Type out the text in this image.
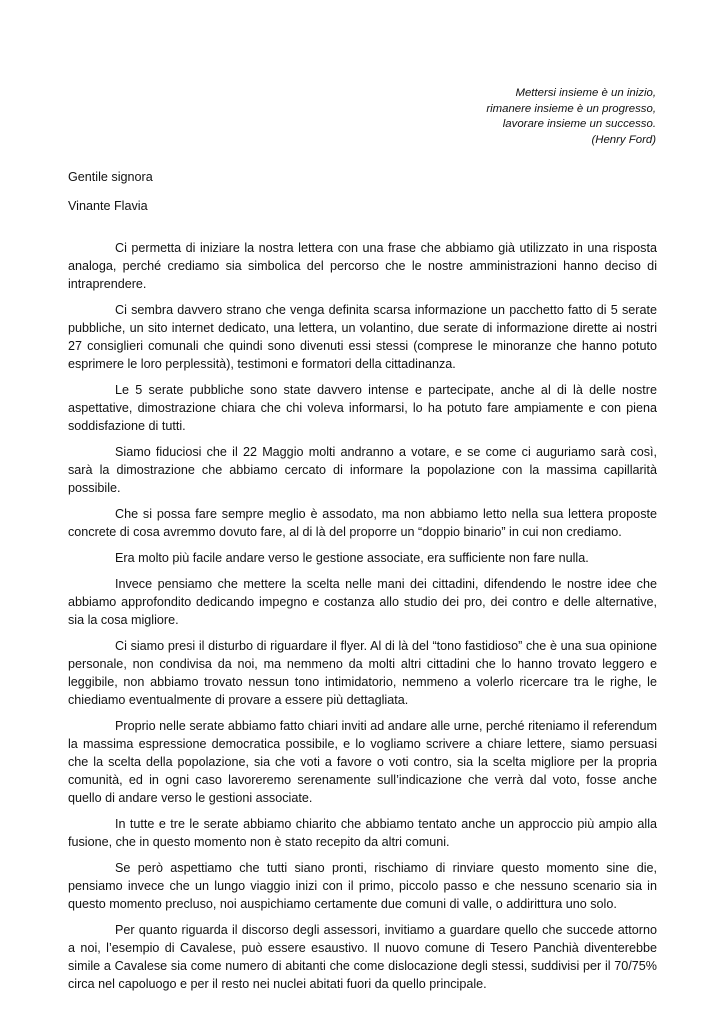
Mettersi insieme è un inizio,
rimanere insieme è un progresso,
lavorare insieme un successo.
(Henry Ford)
Gentile signora
Vinante Flavia

Ci permetta di iniziare la nostra lettera con una frase che abbiamo già utilizzato in una risposta analoga, perché crediamo sia simbolica del percorso che le nostre amministrazioni hanno deciso di intraprendere.

Ci sembra davvero strano che venga definita scarsa informazione un pacchetto fatto di 5 serate pubbliche, un sito internet dedicato, una lettera, un volantino, due serate di informazione dirette ai nostri 27 consiglieri comunali che quindi sono divenuti essi stessi (comprese le minoranze che hanno potuto esprimere le loro perplessità), testimoni e formatori della cittadinanza.

Le 5 serate pubbliche sono state davvero intense e partecipate, anche al di là delle nostre aspettative, dimostrazione chiara che chi voleva informarsi, lo ha potuto fare ampiamente e con piena soddisfazione di tutti.

Siamo fiduciosi che il 22 Maggio molti andranno a votare, e se come ci auguriamo sarà così, sarà la dimostrazione che abbiamo cercato di informare la popolazione con la massima capillarità possibile.

Che si possa fare sempre meglio è assodato, ma non abbiamo letto nella sua lettera proposte concrete di cosa avremmo dovuto fare, al di là del proporre un “doppio binario” in cui non crediamo.

Era molto più facile andare verso le gestione associate, era sufficiente non fare nulla.

Invece pensiamo che mettere la scelta nelle mani dei cittadini, difendendo le nostre idee che abbiamo approfondito dedicando impegno e costanza allo studio dei pro, dei contro e delle alternative, sia la cosa migliore.

Ci siamo presi il disturbo di riguardare il flyer. Al di là del “tono fastidioso” che è una sua opinione personale, non condivisa da noi, ma nemmeno da molti altri cittadini che lo hanno trovato leggero e leggibile, non abbiamo trovato nessun tono intimidatorio, nemmeno a volerlo ricercare tra le righe, le chiediamo eventualmente di provare a essere più dettagliata.

Proprio nelle serate abbiamo fatto chiari inviti ad andare alle urne, perché riteniamo il referendum la massima espressione democratica possibile, e lo vogliamo scrivere a chiare lettere, siamo persuasi che la scelta della popolazione, sia che voti a favore o voti contro, sia la scelta migliore per la propria comunità, ed in ogni caso lavoreremo serenamente sull’indicazione che verrà dal voto, fosse anche quello di andare verso le gestioni associate.

In tutte e tre le serate abbiamo chiarito che abbiamo tentato anche un approccio più ampio alla fusione, che in questo momento non è stato recepito da altri comuni.

Se però aspettiamo che tutti siano pronti, rischiamo di rinviare questo momento sine die, pensiamo invece che un lungo viaggio inizi con il primo, piccolo passo e che nessuno scenario sia in questo momento precluso, noi auspichiamo certamente due comuni di valle, o addirittura uno solo.

Per quanto riguarda il discorso degli assessori, invitiamo a guardare quello che succede attorno a noi, l’esempio di Cavalese, può essere esaustivo. Il nuovo comune di Tesero Panchià diventerebbe simile a Cavalese sia come numero di abitanti che come dislocazione degli stessi, suddivisi per il 70/75% circa nel capoluogo e per il resto nei nuclei abitati fuori da quello principale.
